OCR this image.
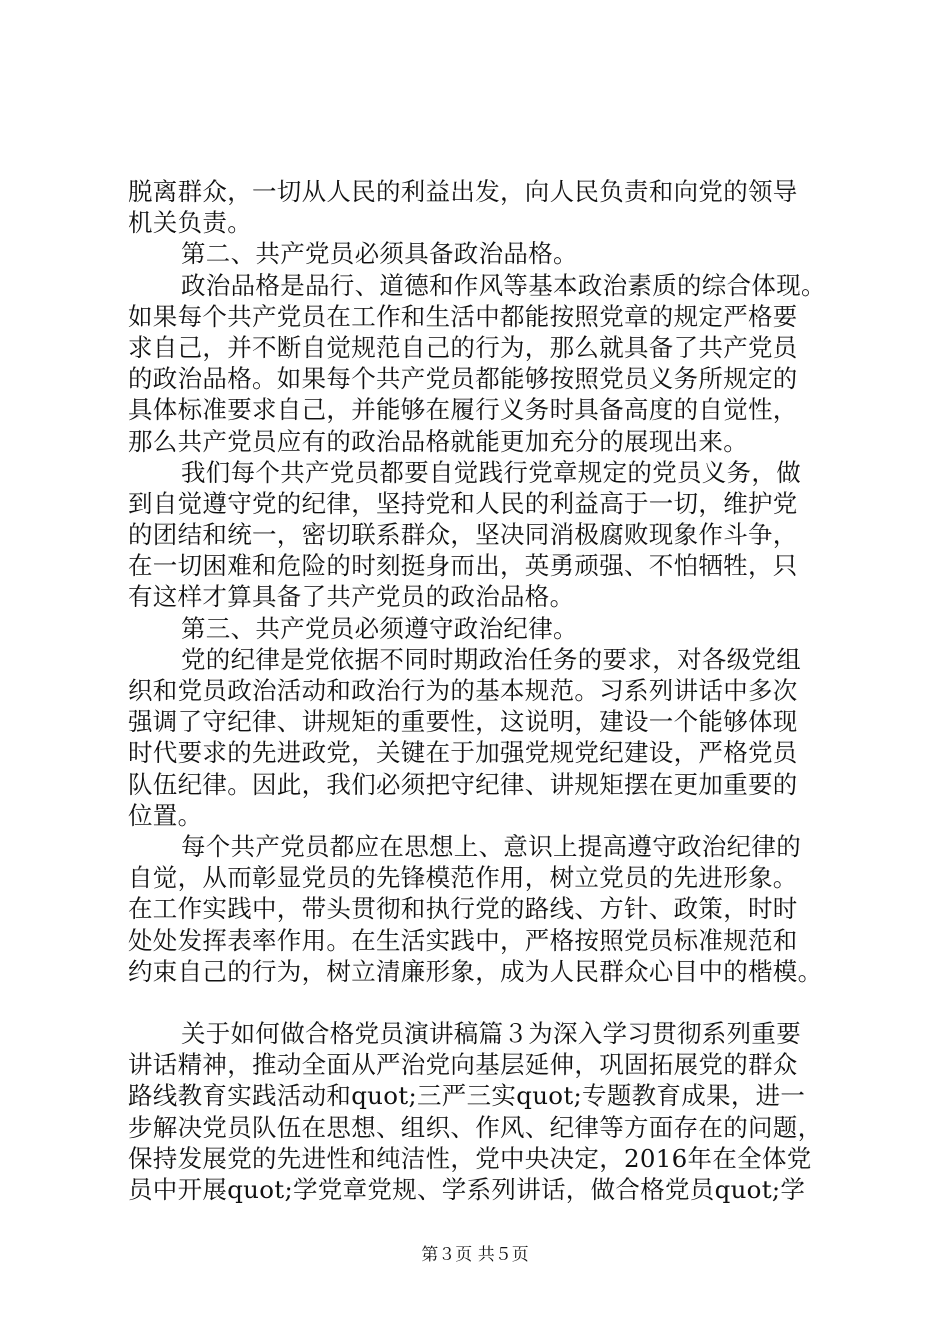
脱离群众，一切从人民的利益出发，向人民负责和向党的领导
机关负责。
第二、共产党员必须具备政治品格。
政治品格是品行、道德和作风等基本政治素质的综合体现。
如果每个共产党员在工作和生活中都能按照党章的规定严格要
求自己，并不断自觉规范自己的行为，那么就具备了共产党员
的政治品格。如果每个共产党员都能够按照党员义务所规定的
具体标准要求自己，并能够在履行义务时具备高度的自觉性，
那么共产党员应有的政治品格就能更加充分的展现出来。
我们每个共产党员都要自觉践行党章规定的党员义务，做
到自觉遵守党的纪律，坚持党和人民的利益高于一切，维护党
的团结和统一，密切联系群众，坚决同消极腐败现象作斗争，
在一切困难和危险的时刻挺身而出，英勇顽强、不怕牺牲，只
有这样才算具备了共产党员的政治品格。
第三、共产党员必须遵守政治纪律。
党的纪律是党依据不同时期政治任务的要求，对各级党组
织和党员政治活动和政治行为的基本规范。习系列讲话中多次
强调了守纪律、讲规矩的重要性，这说明，建设一个能够体现
时代要求的先进政党，关键在于加强党规党纪建设，严格党员
队伍纪律。因此，我们必须把守纪律、讲规矩摆在更加重要的
位置。
每个共产党员都应在思想上、意识上提高遵守政治纪律的
自觉，从而彰显党员的先锋模范作用，树立党员的先进形象。
在工作实践中，带头贯彻和执行党的路线、方针、政策，时时
处处发挥表率作用。在生活实践中，严格按照党员标准规范和
约束自己的行为，树立清廉形象，成为人民群众心目中的楷模。
关于如何做合格党员演讲稿篇３为深入学习贯彻系列重要
讲话精神，推动全面从严治党向基层延伸，巩固拓展党的群众
路线教育实践活动和quot;三严三实quot;专题教育成果，进一
步解决党员队伍在思想、组织、作风、纪律等方面存在的问题，
保持发展党的先进性和纯洁性，党中央决定，2016年在全体党
员中开展quot;学党章党规、学系列讲话，做合格党员quot;学
第３页 共５页
